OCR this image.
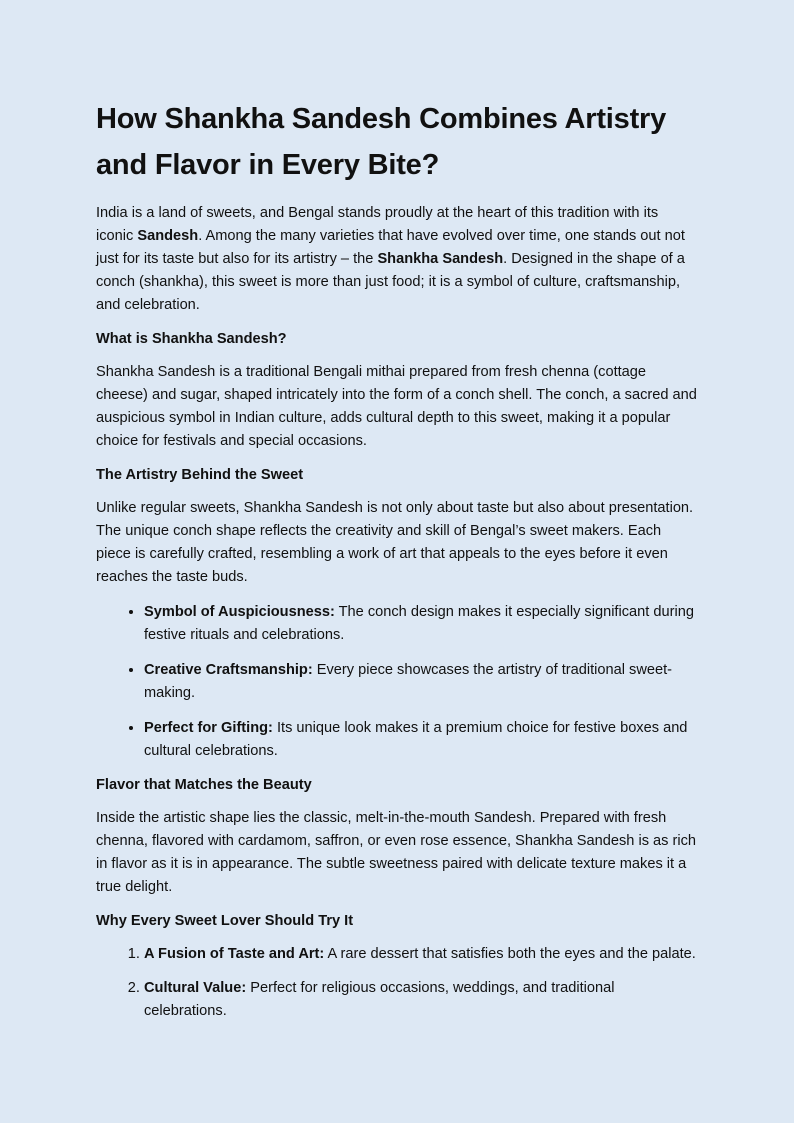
How Shankha Sandesh Combines Artistry and Flavor in Every Bite?

India is a land of sweets, and Bengal stands proudly at the heart of this tradition with its iconic Sandesh. Among the many varieties that have evolved over time, one stands out not just for its taste but also for its artistry – the Shankha Sandesh. Designed in the shape of a conch (shankha), this sweet is more than just food; it is a symbol of culture, craftsmanship, and celebration.

What is Shankha Sandesh?

Shankha Sandesh is a traditional Bengali mithai prepared from fresh chenna (cottage cheese) and sugar, shaped intricately into the form of a conch shell. The conch, a sacred and auspicious symbol in Indian culture, adds cultural depth to this sweet, making it a popular choice for festivals and special occasions.

The Artistry Behind the Sweet

Unlike regular sweets, Shankha Sandesh is not only about taste but also about presentation. The unique conch shape reflects the creativity and skill of Bengal’s sweet makers. Each piece is carefully crafted, resembling a work of art that appeals to the eyes before it even reaches the taste buds.

• Symbol of Auspiciousness: The conch design makes it especially significant during festive rituals and celebrations.
• Creative Craftsmanship: Every piece showcases the artistry of traditional sweet-making.
• Perfect for Gifting: Its unique look makes it a premium choice for festive boxes and cultural celebrations.
Flavor that Matches the Beauty

Inside the artistic shape lies the classic, melt-in-the-mouth Sandesh. Prepared with fresh chenna, flavored with cardamom, saffron, or even rose essence, Shankha Sandesh is as rich in flavor as it is in appearance. The subtle sweetness paired with delicate texture makes it a true delight.

Why Every Sweet Lover Should Try It
1. A Fusion of Taste and Art: A rare dessert that satisfies both the eyes and the palate.
2. Cultural Value: Perfect for religious occasions, weddings, and traditional celebrations.
